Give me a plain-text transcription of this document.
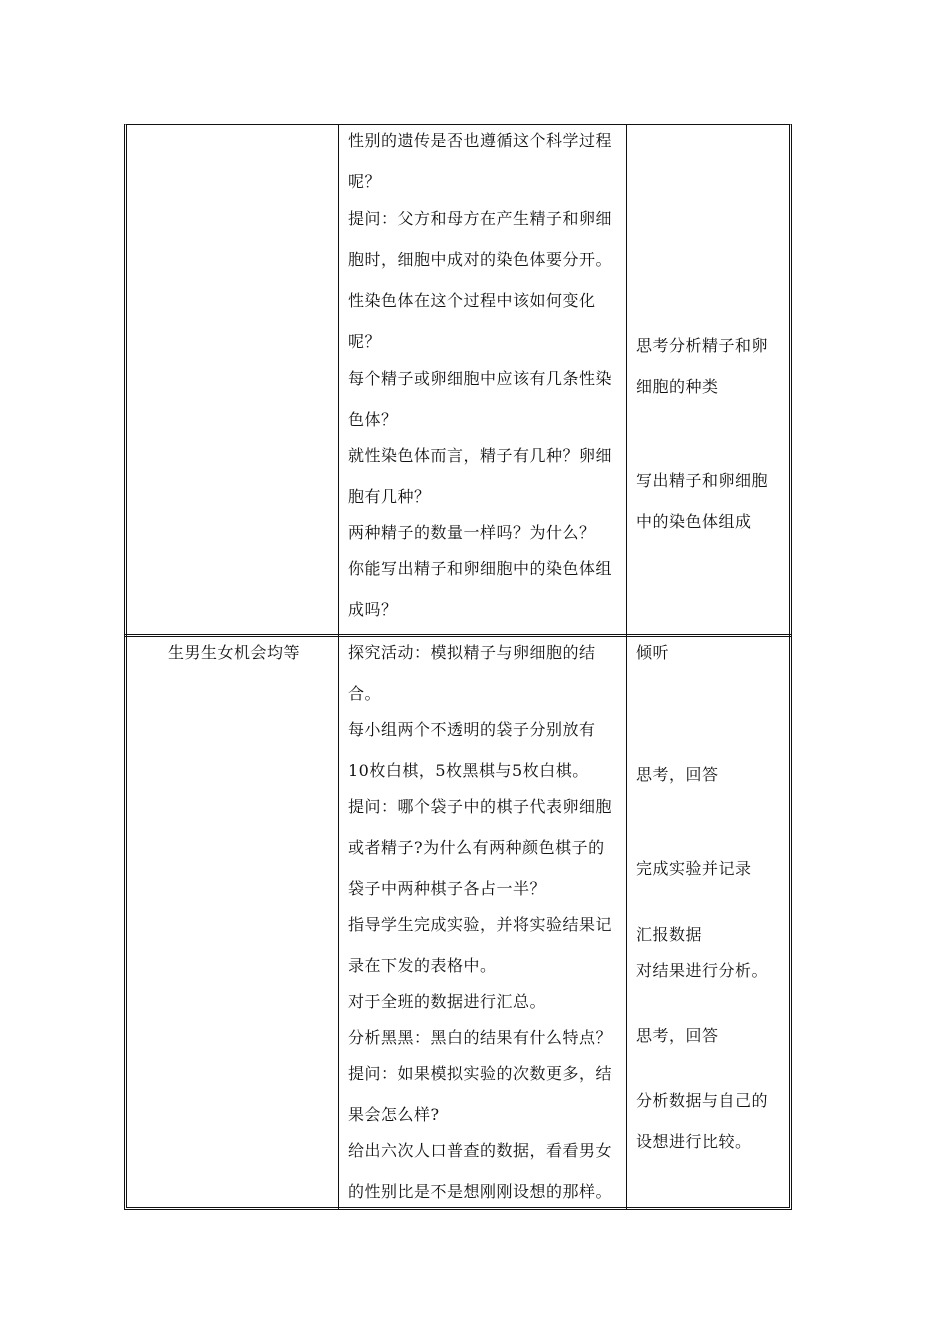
性别的遗传是否也遵循这个科学过程
呢？
提问：父方和母方在产生精子和卵细
胞时，细胞中成对的染色体要分开。
性染色体在这个过程中该如何变化
呢？
每个精子或卵细胞中应该有几条性染
色体？
就性染色体而言，精子有几种？卵细
胞有几种？
两种精子的数量一样吗？为什么？
你能写出精子和卵细胞中的染色体组
成吗？
思考分析精子和卵
细胞的种类
写出精子和卵细胞
中的染色体组成
生男生女机会均等	探究活动：模拟精子与卵细胞的结
合。
每小组两个不透明的袋子分别放有
10枚白棋，5枚黑棋与5枚白棋。
提问：哪个袋子中的棋子代表卵细胞
或者精子?为什么有两种颜色棋子的
袋子中两种棋子各占一半？
指导学生完成实验，并将实验结果记
录在下发的表格中。
对于全班的数据进行汇总。
分析黑黑：黑白的结果有什么特点？
提问：如果模拟实验的次数更多，结
果会怎么样?
给出六次人口普查的数据，看看男女
的性别比是不是想刚刚设想的那样。
倾听
思考，回答
完成实验并记录
汇报数据
对结果进行分析。
思考，回答
分析数据与自己的
设想进行比较。
